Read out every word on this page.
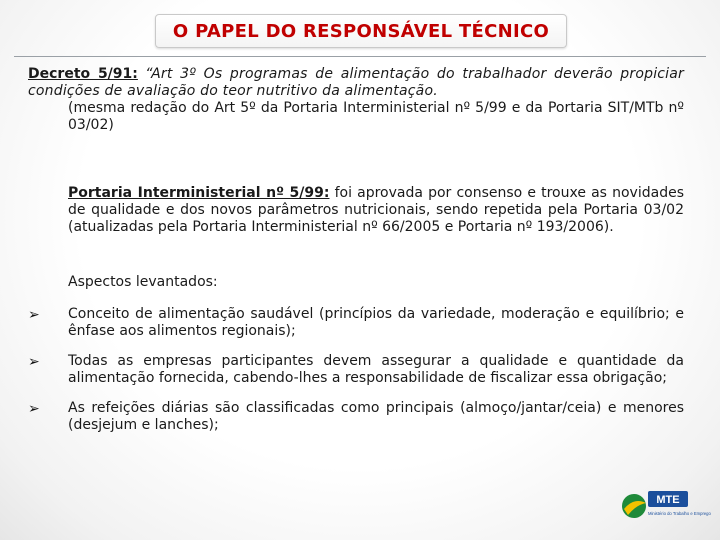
O PAPEL DO RESPONSÁVEL TÉCNICO

Decreto 5/91: “Art 3º Os programas de alimentação do trabalhador deverão propiciar condições de avaliação do teor nutritivo da alimentação.

(mesma redação do Art 5º da Portaria Interministerial nº 5/99 e da Portaria SIT/MTb nº 03/02)

Portaria Interministerial nº 5/99: foi aprovada por consenso e trouxe as novidades de qualidade e dos novos parâmetros nutricionais, sendo repetida pela Portaria 03/02 (atualizadas pela Portaria Interministerial nº 66/2005 e Portaria nº 193/2006).

Aspectos levantados:

➢ Conceito de alimentação saudável (princípios da variedade, moderação e equilíbrio; e ênfase aos alimentos regionais);

➢ Todas as empresas participantes devem assegurar a qualidade e quantidade da alimentação fornecida, cabendo-lhes a responsabilidade de fiscalizar essa obrigação;

➢ As refeições diárias são classificadas como principais (almoço/jantar/ceia) e menores (desjejum e lanches);

MTE
Ministério do Trabalho e Emprego
